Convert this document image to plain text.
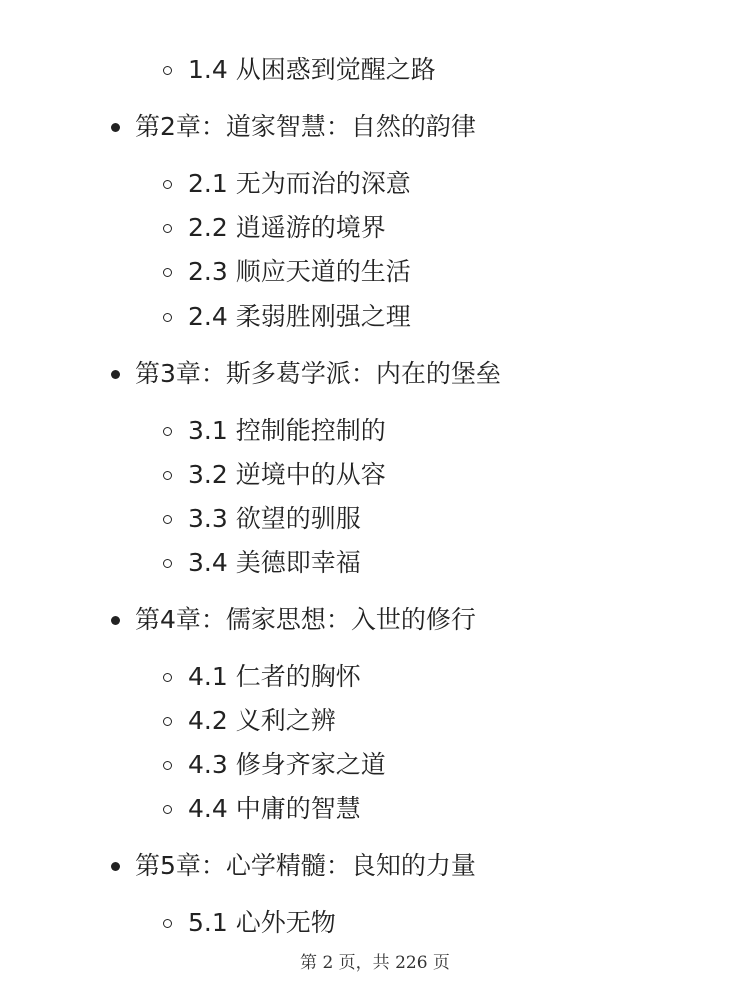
1.4 从困惑到觉醒之路
第2章：道家智慧：自然的韵律
2.1 无为而治的深意
2.2 逍遥游的境界
2.3 顺应天道的生活
2.4 柔弱胜刚强之理
第3章：斯多葛学派：内在的堡垒
3.1 控制能控制的
3.2 逆境中的从容
3.3 欲望的驯服
3.4 美德即幸福
第4章：儒家思想：入世的修行
4.1 仁者的胸怀
4.2 义利之辨
4.3 修身齐家之道
4.4 中庸的智慧
第5章：心学精髓：良知的力量
5.1 心外无物
第 2 页，共 226 页
